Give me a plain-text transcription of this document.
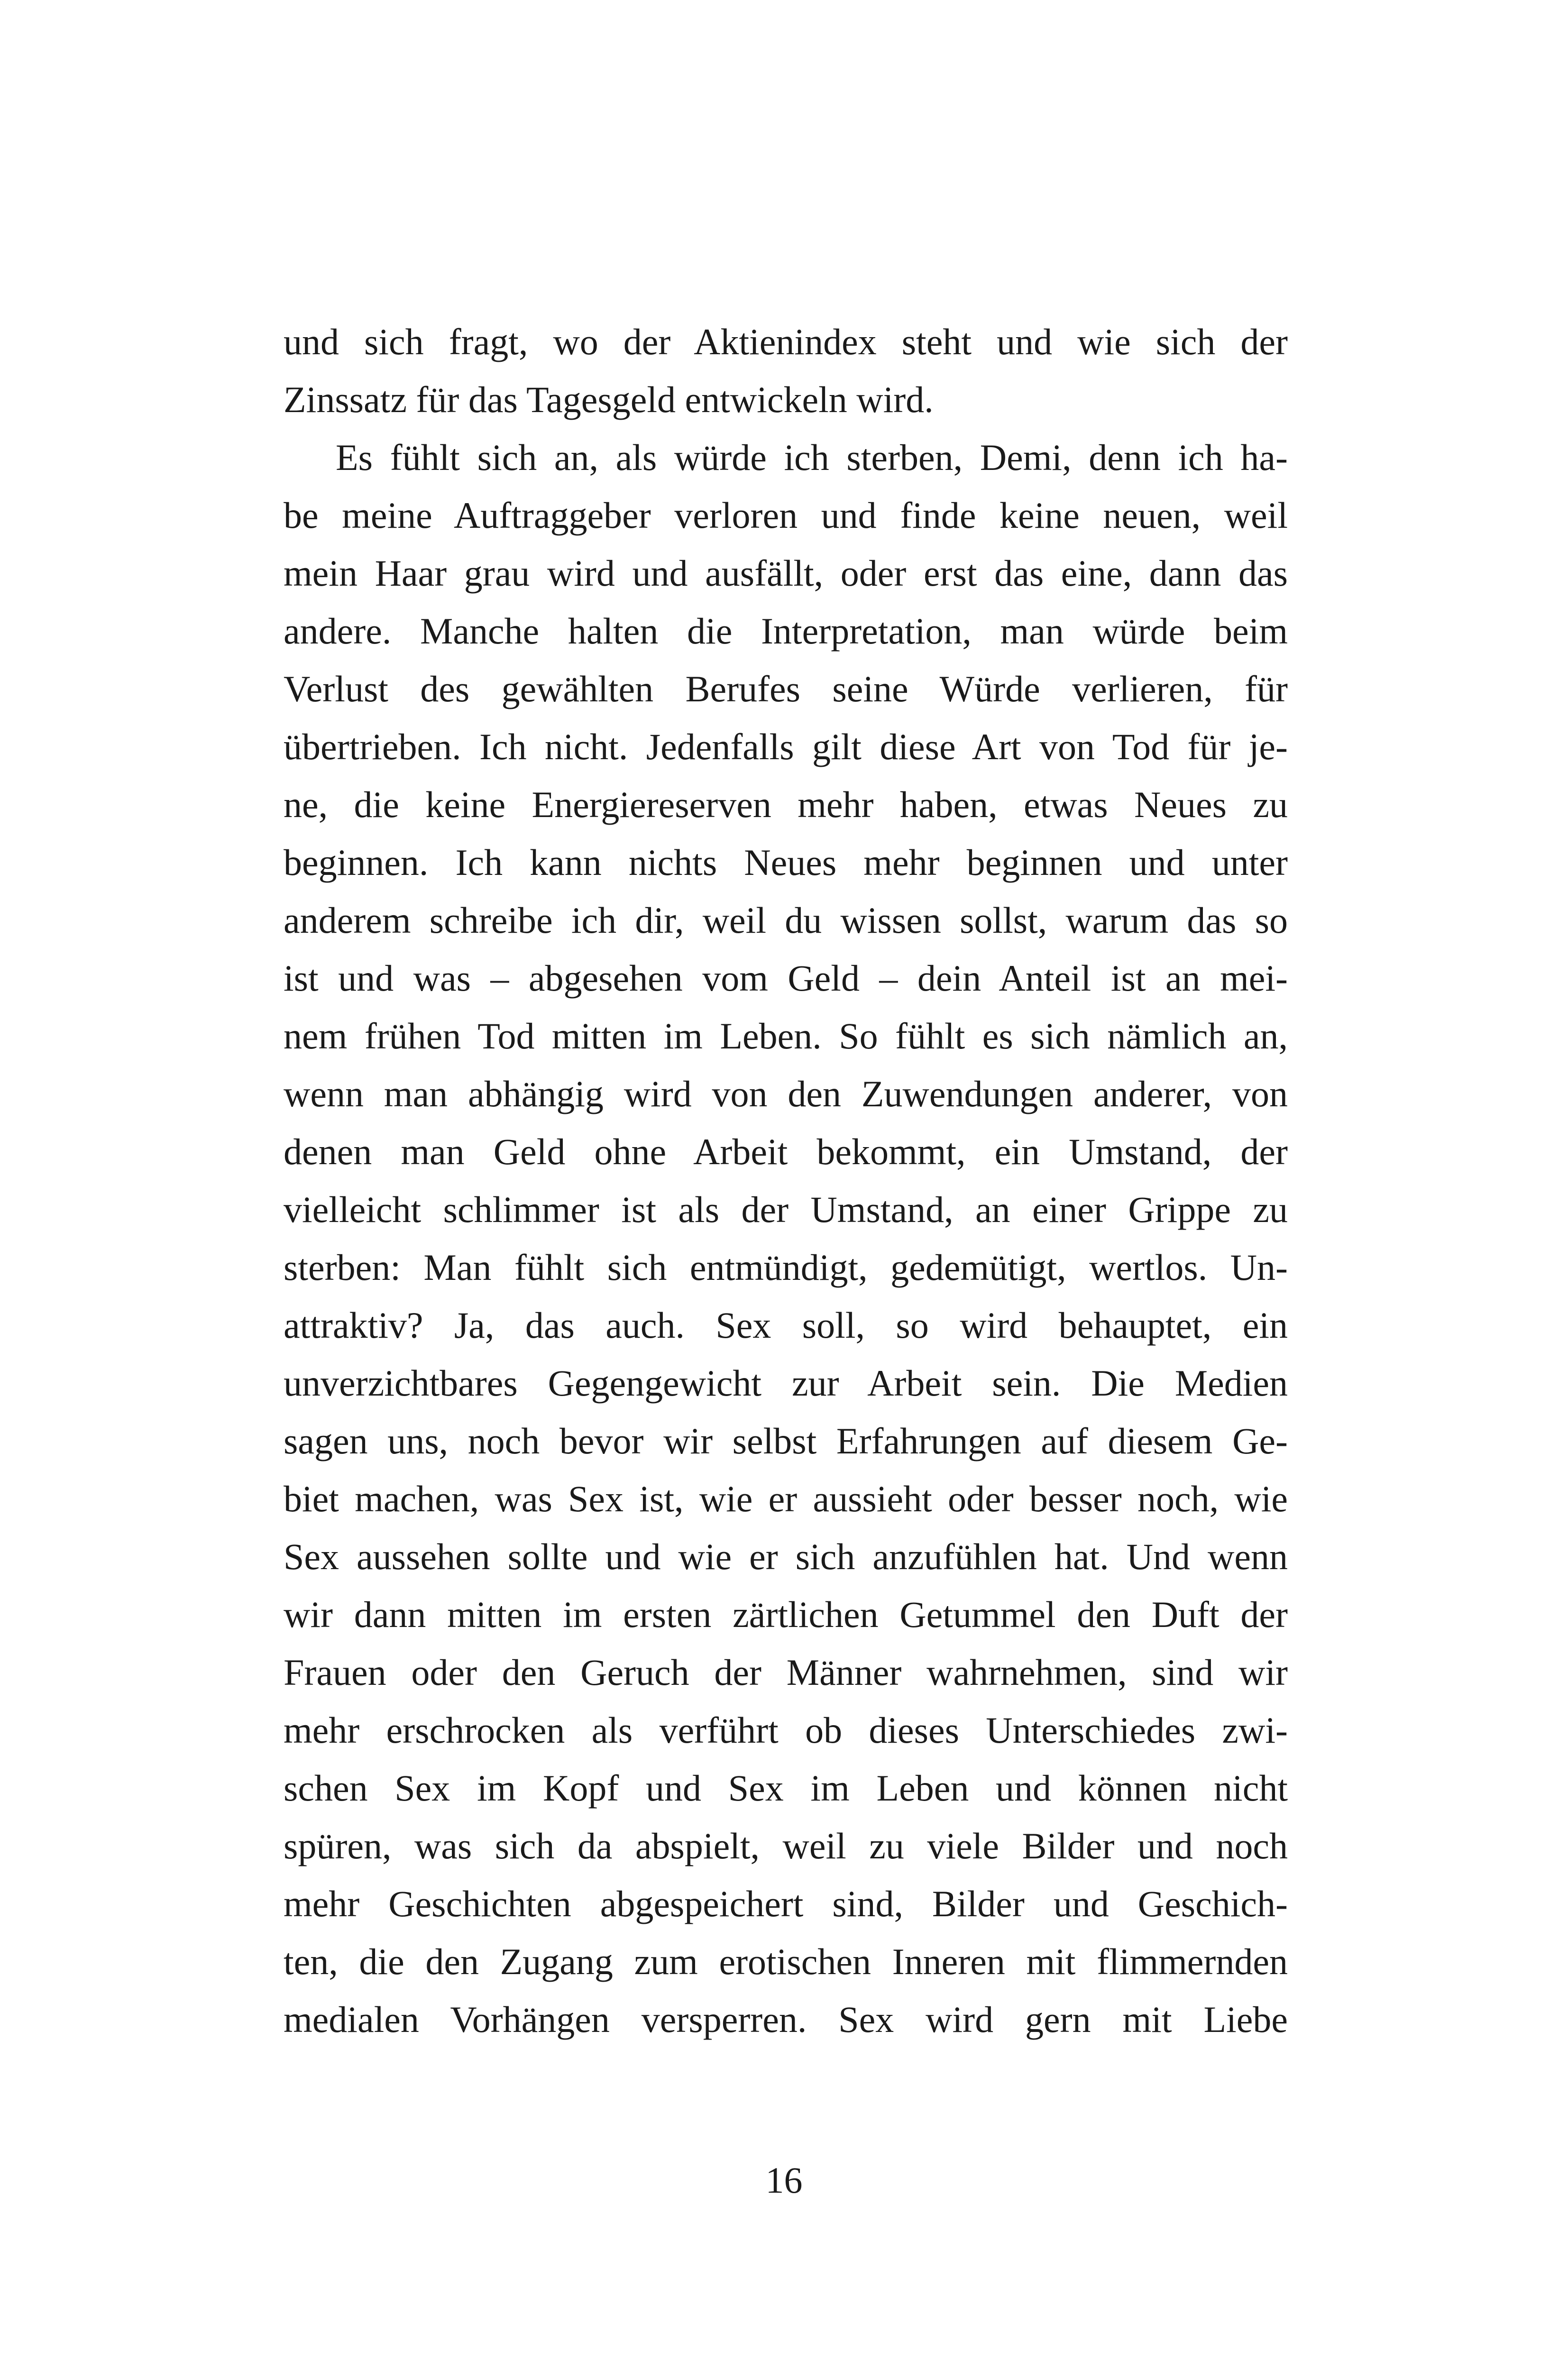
und sich fragt, wo der Aktienindex steht und wie sich der
Zinssatz für das Tagesgeld entwickeln wird.
Es fühlt sich an, als würde ich sterben, Demi, denn ich ha-
be meine Auftraggeber verloren und finde keine neuen, weil
mein Haar grau wird und ausfällt, oder erst das eine, dann das
andere. Manche halten die Interpretation, man würde beim
Verlust des gewählten Berufes seine Würde verlieren, für
übertrieben. Ich nicht. Jedenfalls gilt diese Art von Tod für je-
ne, die keine Energiereserven mehr haben, etwas Neues zu
beginnen. Ich kann nichts Neues mehr beginnen und unter
anderem schreibe ich dir, weil du wissen sollst, warum das so
ist und was – abgesehen vom Geld – dein Anteil ist an mei-
nem frühen Tod mitten im Leben. So fühlt es sich nämlich an,
wenn man abhängig wird von den Zuwendungen anderer, von
denen man Geld ohne Arbeit bekommt, ein Umstand, der
vielleicht schlimmer ist als der Umstand, an einer Grippe zu
sterben: Man fühlt sich entmündigt, gedemütigt, wertlos. Un-
attraktiv? Ja, das auch. Sex soll, so wird behauptet, ein
unverzichtbares Gegengewicht zur Arbeit sein. Die Medien
sagen uns, noch bevor wir selbst Erfahrungen auf diesem Ge-
biet machen, was Sex ist, wie er aussieht oder besser noch, wie
Sex aussehen sollte und wie er sich anzufühlen hat. Und wenn
wir dann mitten im ersten zärtlichen Getummel den Duft der
Frauen oder den Geruch der Männer wahrnehmen, sind wir
mehr erschrocken als verführt ob dieses Unterschiedes zwi-
schen Sex im Kopf und Sex im Leben und können nicht
spüren, was sich da abspielt, weil zu viele Bilder und noch
mehr Geschichten abgespeichert sind, Bilder und Geschich-
ten, die den Zugang zum erotischen Inneren mit flimmernden
medialen Vorhängen versperren. Sex wird gern mit Liebe
16
